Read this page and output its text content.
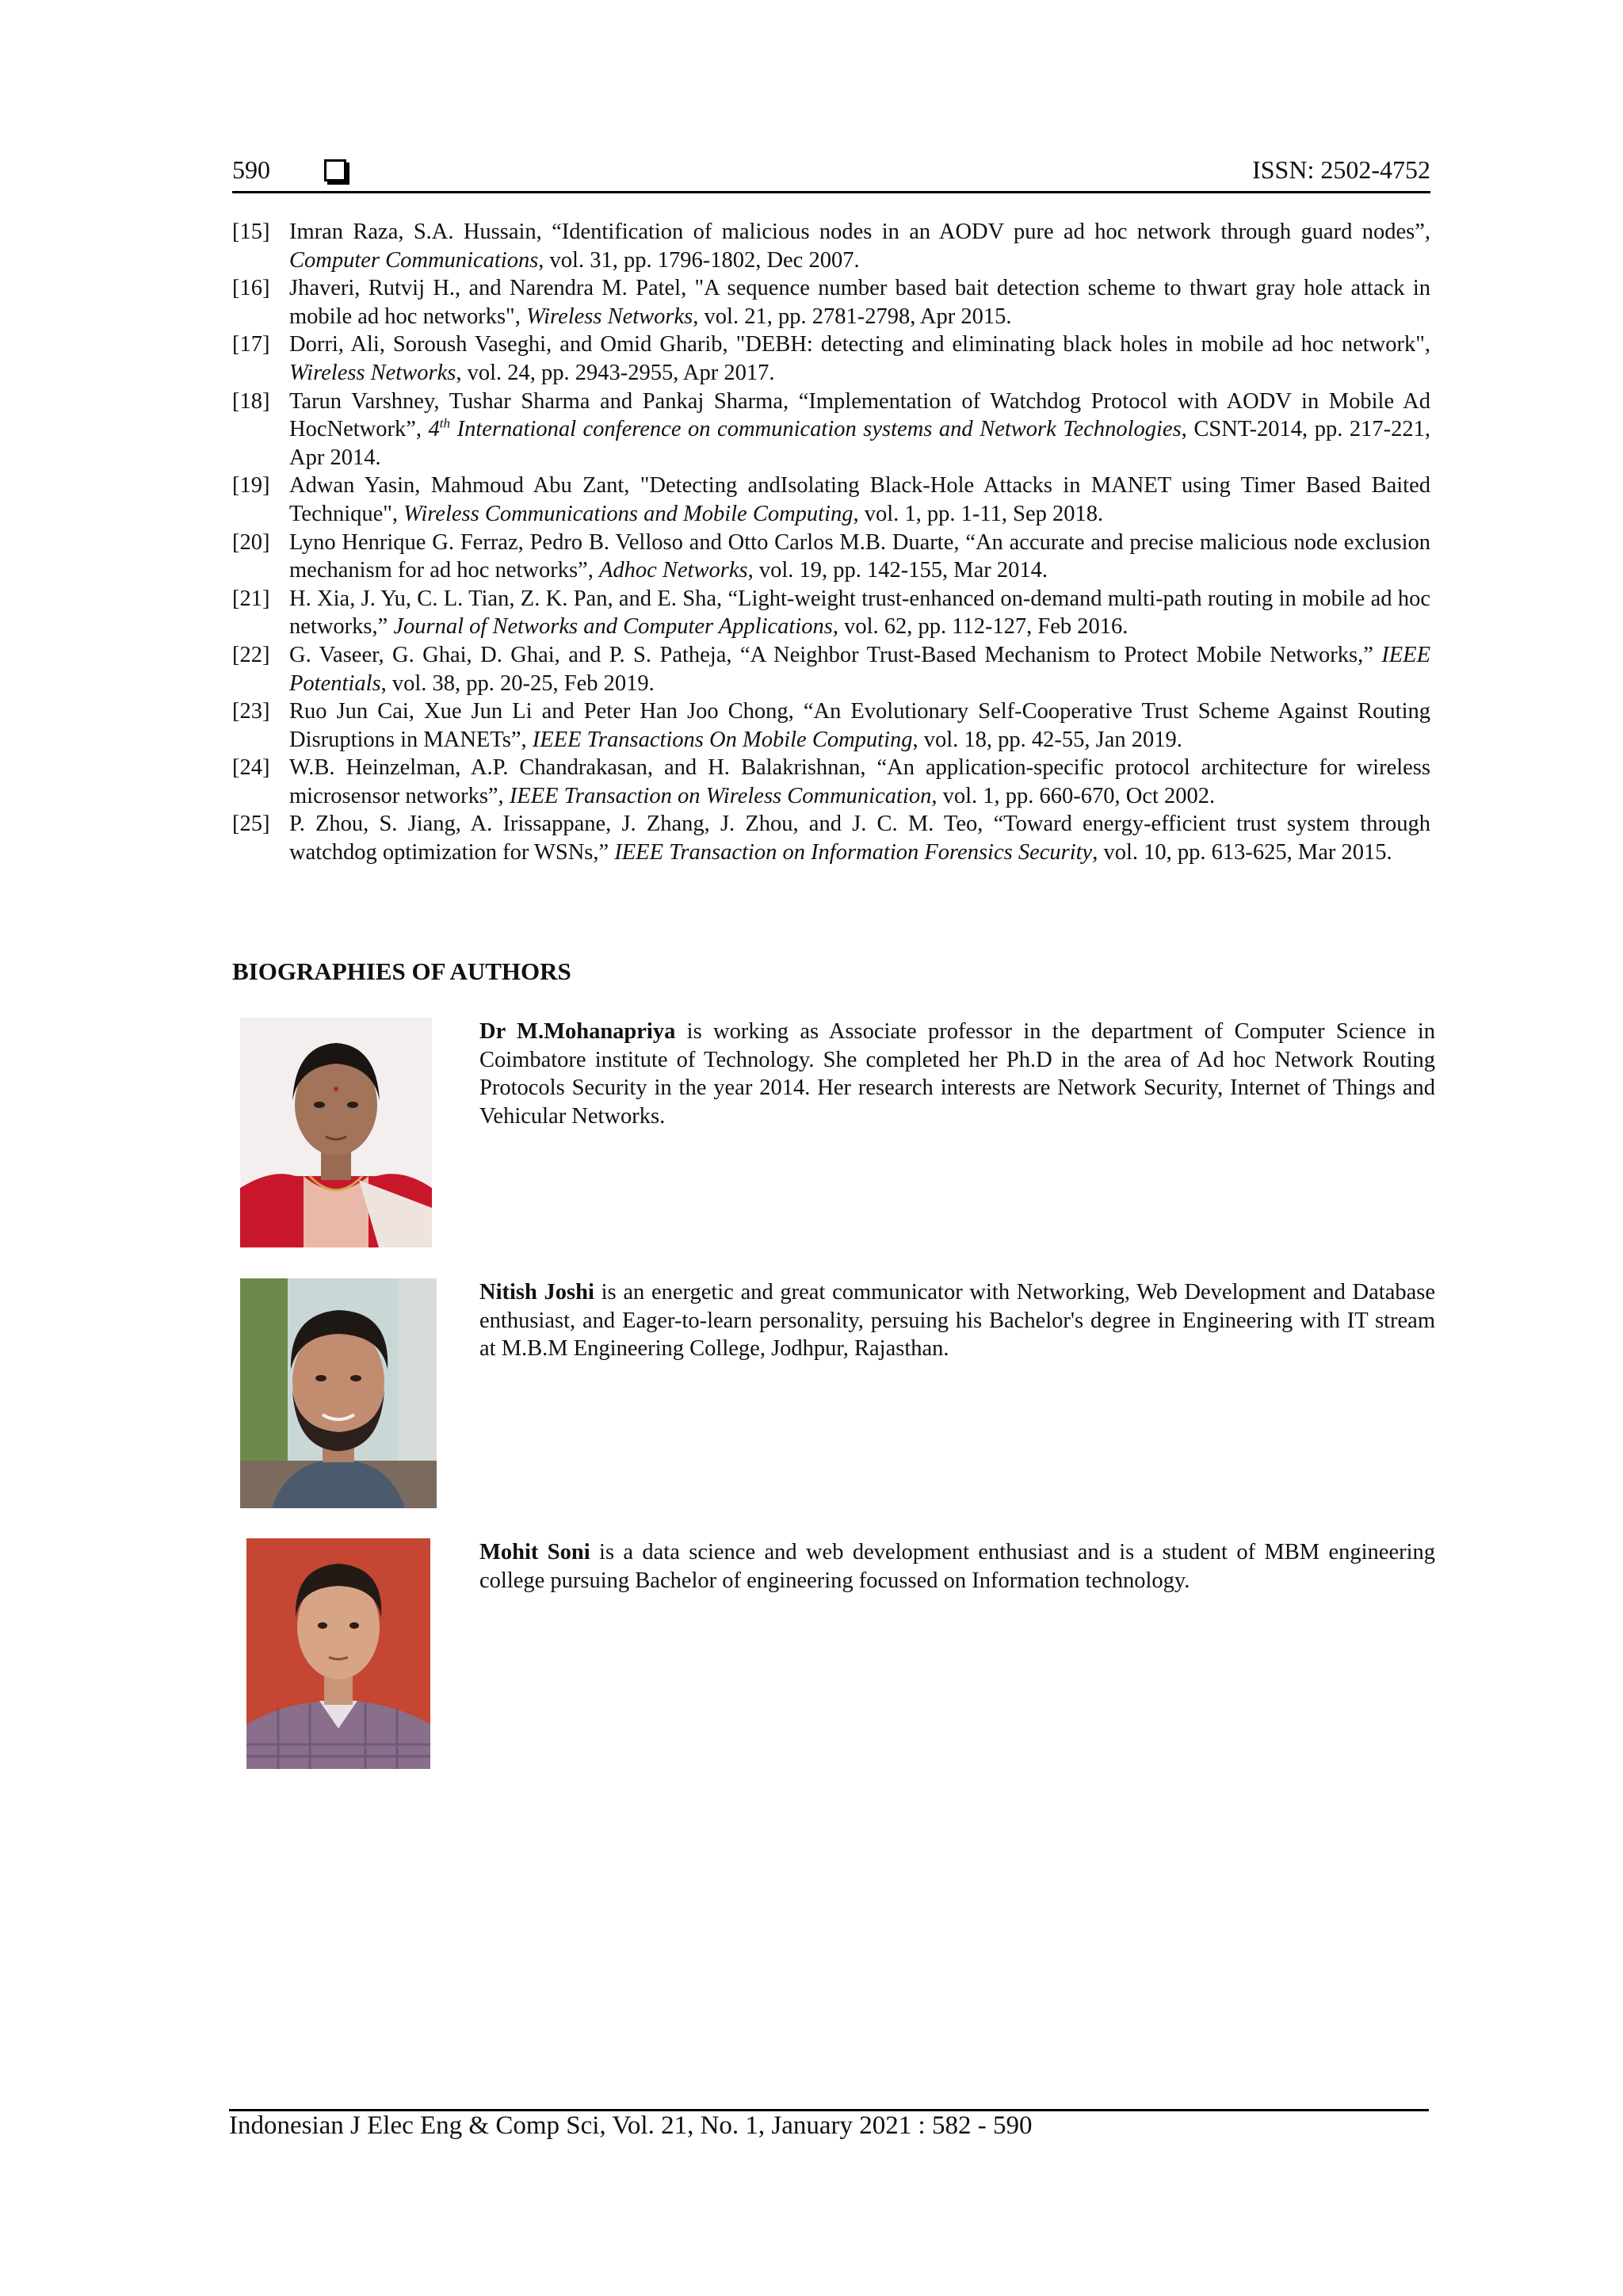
590	ISSN: 2502-4752
[15] Imran Raza, S.A. Hussain, “Identification of malicious nodes in an AODV pure ad hoc network through guard nodes”, Computer Communications, vol. 31, pp. 1796-1802, Dec 2007.
[16] Jhaveri, Rutvij H., and Narendra M. Patel, "A sequence number based bait detection scheme to thwart gray hole attack in mobile ad hoc networks", Wireless Networks, vol. 21, pp. 2781-2798, Apr 2015.
[17] Dorri, Ali, Soroush Vaseghi, and Omid Gharib, "DEBH: detecting and eliminating black holes in mobile ad hoc network", Wireless Networks, vol. 24, pp. 2943-2955, Apr 2017.
[18] Tarun Varshney, Tushar Sharma and Pankaj Sharma, “Implementation of Watchdog Protocol with AODV in Mobile Ad HocNetwork”, 4th International conference on communication systems and Network Technologies, CSNT-2014, pp. 217-221, Apr 2014.
[19] Adwan Yasin, Mahmoud Abu Zant, "Detecting andIsolating Black-Hole Attacks in MANET using Timer Based Baited Technique", Wireless Communications and Mobile Computing, vol. 1, pp. 1-11, Sep 2018.
[20] Lyno Henrique G. Ferraz, Pedro B. Velloso and Otto Carlos M.B. Duarte, “An accurate and precise malicious node exclusion mechanism for ad hoc networks”, Adhoc Networks, vol. 19, pp. 142-155, Mar 2014.
[21] H. Xia, J. Yu, C. L. Tian, Z. K. Pan, and E. Sha, “Light-weight trust-enhanced on-demand multi-path routing in mobile ad hoc networks,” Journal of Networks and Computer Applications, vol. 62, pp. 112-127, Feb 2016.
[22] G. Vaseer, G. Ghai, D. Ghai, and P. S. Patheja, “A Neighbor Trust-Based Mechanism to Protect Mobile Networks,” IEEE Potentials, vol. 38, pp. 20-25, Feb 2019.
[23] Ruo Jun Cai, Xue Jun Li and Peter Han Joo Chong, “An Evolutionary Self-Cooperative Trust Scheme Against Routing Disruptions in MANETs”, IEEE Transactions On Mobile Computing, vol. 18, pp. 42-55, Jan 2019.
[24] W.B. Heinzelman, A.P. Chandrakasan, and H. Balakrishnan, “An application-specific protocol architecture for wireless microsensor networks”, IEEE Transaction on Wireless Communication, vol. 1, pp. 660-670, Oct 2002.
[25] P. Zhou, S. Jiang, A. Irissappane, J. Zhang, J. Zhou, and J. C. M. Teo, “Toward energy-efficient trust system through watchdog optimization for WSNs,” IEEE Transaction on Information Forensics Security, vol. 10, pp. 613-625, Mar 2015.
BIOGRAPHIES OF AUTHORS
Dr M.Mohanapriya is working as Associate professor in the department of Computer Science in Coimbatore institute of Technology. She completed her Ph.D in the area of Ad hoc Network Routing Protocols Security in the year 2014. Her research interests are Network Security, Internet of Things and Vehicular Networks.
Nitish Joshi is an energetic and great communicator with Networking, Web Development and Database enthusiast, and Eager-to-learn personality, persuing his Bachelor's degree in Engineering with IT stream at M.B.M Engineering College, Jodhpur, Rajasthan.
Mohit Soni is a data science and web development enthusiast and is a student of MBM engineering college pursuing Bachelor of engineering focussed on Information technology.
Indonesian J Elec Eng & Comp Sci, Vol. 21, No. 1, January 2021 : 582 - 590
